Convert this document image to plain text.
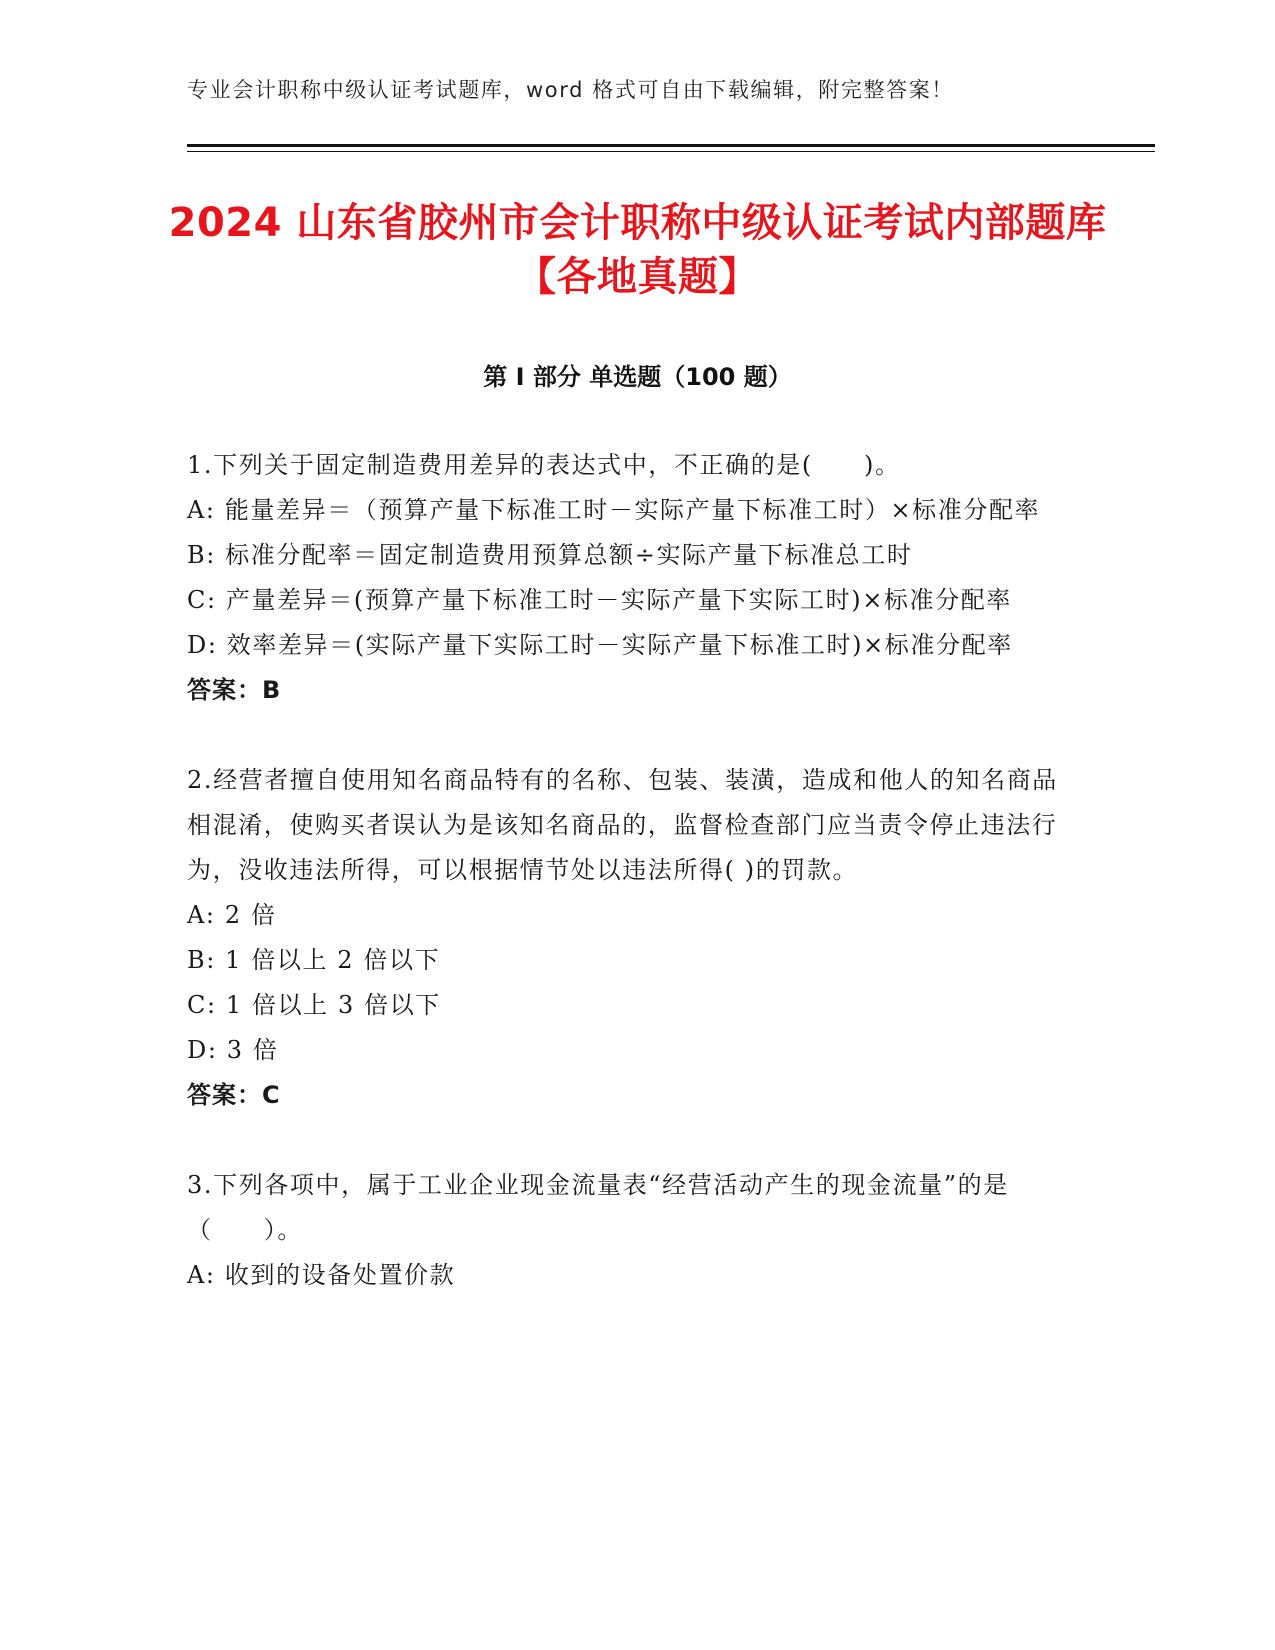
专业会计职称中级认证考试题库，word 格式可自由下载编辑，附完整答案！
2024 山东省胶州市会计职称中级认证考试内部题库【各地真题】
第 I 部分 单选题（100 题）

1.下列关于固定制造费用差异的表达式中，不正确的是(　　)。

A: 能量差异＝（预算产量下标准工时－实际产量下标准工时）×标准分配率

B: 标准分配率＝固定制造费用预算总额÷实际产量下标准总工时

C: 产量差异＝(预算产量下标准工时－实际产量下实际工时)×标准分配率

D: 效率差异＝(实际产量下实际工时－实际产量下标准工时)×标准分配率

答案：B

2.经营者擅自使用知名商品特有的名称、包装、装潢，造成和他人的知名商品相混淆，使购买者误认为是该知名商品的，监督检查部门应当责令停止违法行为，没收违法所得，可以根据情节处以违法所得( )的罚款。

A: 2 倍

B: 1 倍以上 2 倍以下

C: 1 倍以上 3 倍以下

D: 3 倍

答案：C

3.下列各项中，属于工业企业现金流量表“经营活动产生的现金流量”的是（　　）。

A: 收到的设备处置价款
